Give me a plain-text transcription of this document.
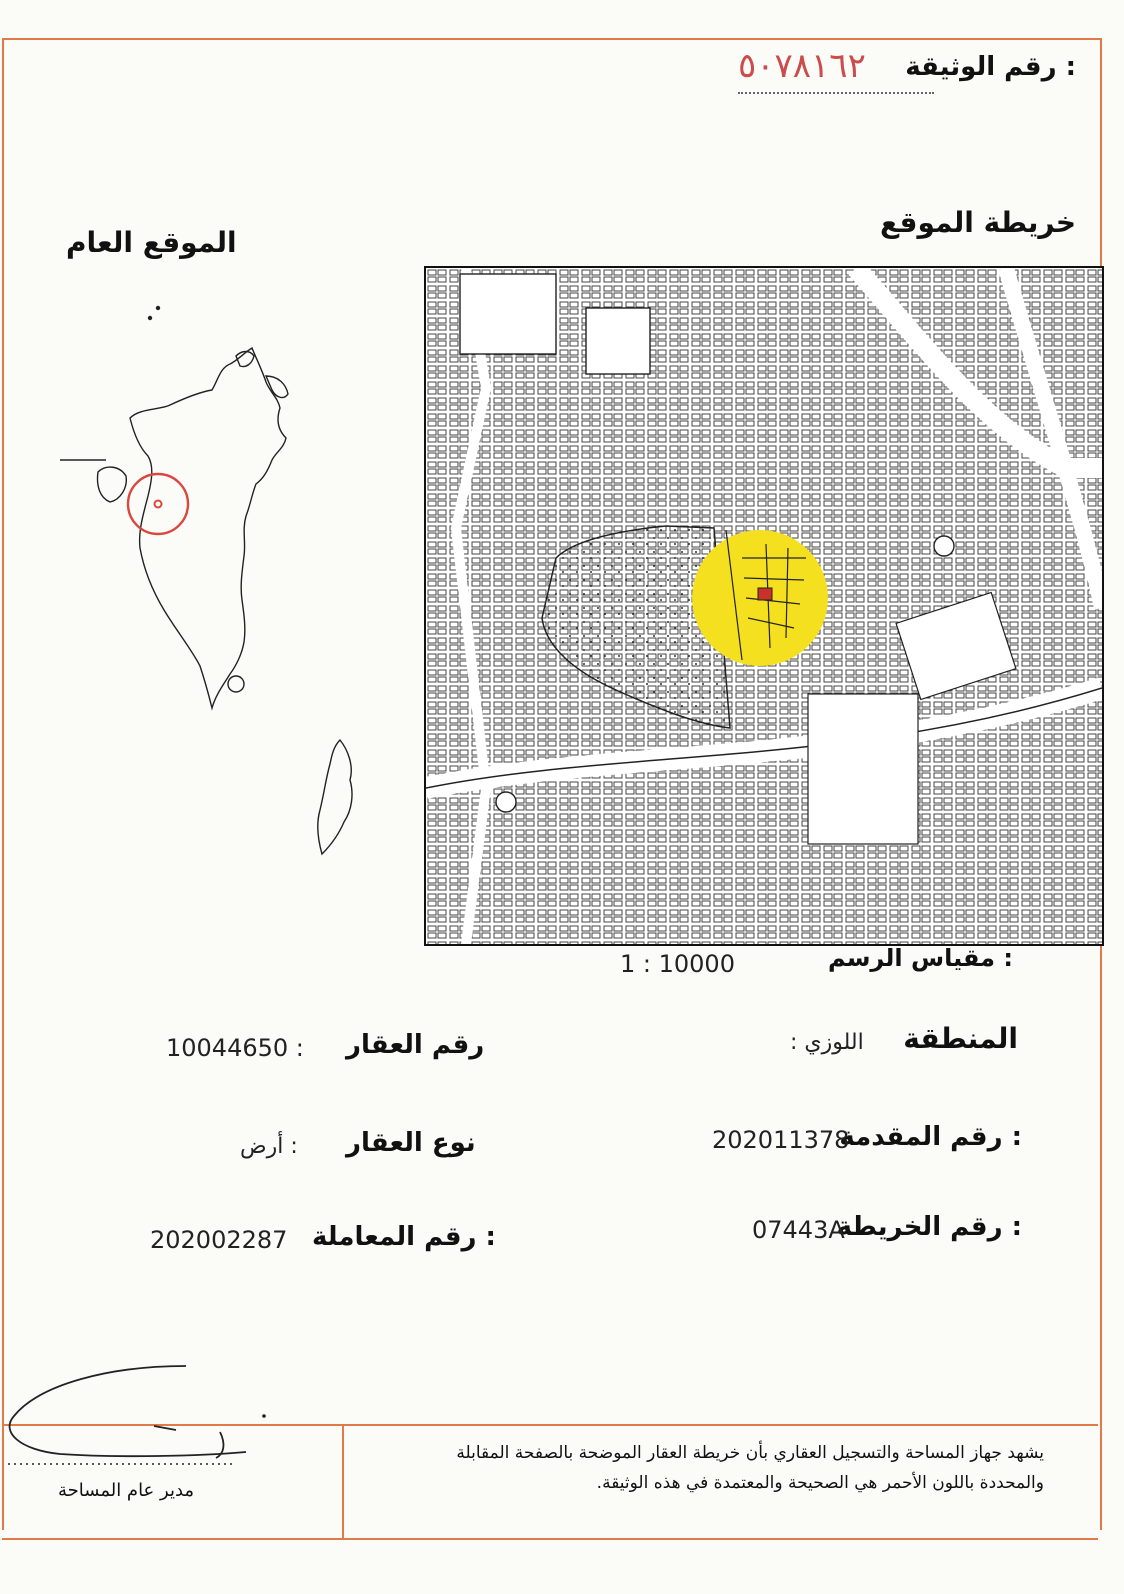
رقم الوثيقة :
٥٠٧٨١٦٢
خريطة الموقع
الموقع العام
مقياس الرسم :
1 : 10000
المنطقة
: اللوزي
رقم المقدمة :
202011378
رقم الخريطة :
07443A
رقم العقار
10044650 :
نوع العقار
أرض :
رقم المعاملة :
202002287
يشهد جهاز المساحة والتسجيل العقاري بأن خريطة العقار الموضحة بالصفحة المقابلة والمحددة باللون الأحمر هي الصحيحة والمعتمدة في هذه الوثيقة.
مدير عام المساحة
